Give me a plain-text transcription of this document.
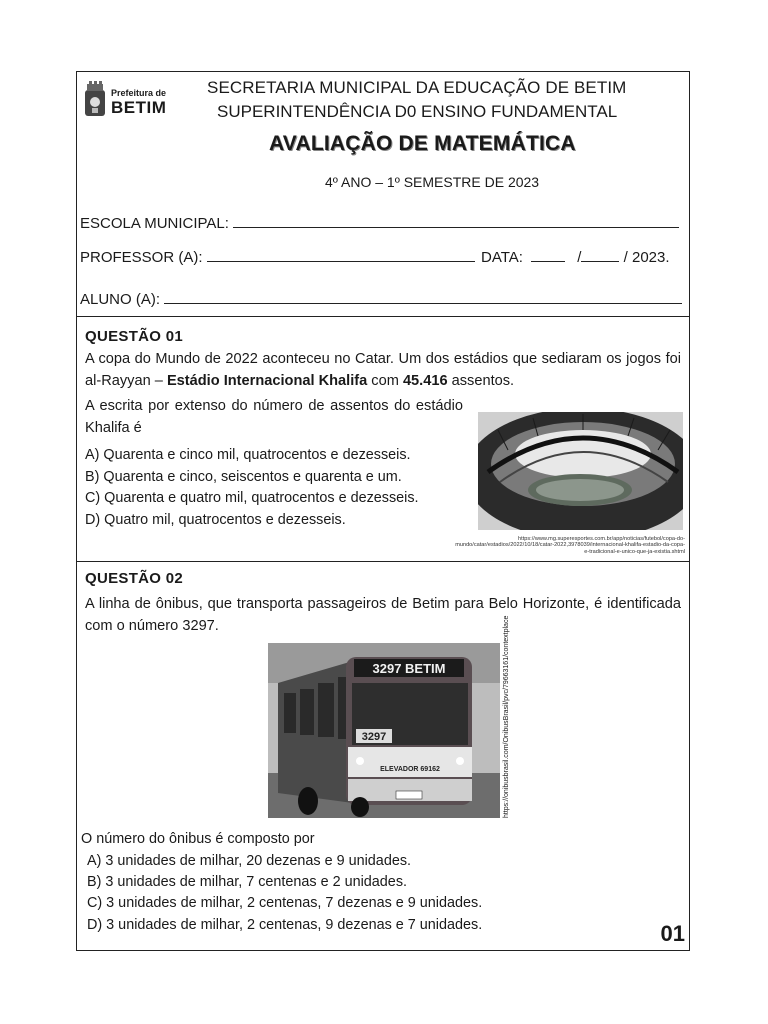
Prefeitura de
BETIM
SECRETARIA MUNICIPAL DA EDUCAÇÃO DE BETIM
SUPERINTENDÊNCIA D0 ENSINO FUNDAMENTAL
AVALIAÇÃO DE MATEMÁTICA
4º ANO – 1º SEMESTRE DE 2023
ESCOLA MUNICIPAL:
PROFESSOR (A):	DATA:	/	/ 2023.
ALUNO (A):
QUESTÃO 01
A copa do Mundo de 2022 aconteceu no Catar. Um dos estádios que sediaram os jogos foi al-Rayyan – Estádio Internacional Khalifa com 45.416 assentos.
A escrita por extenso do número de assentos do estádio Khalifa é
A) Quarenta e cinco mil, quatrocentos e dezesseis.
B) Quarenta e cinco, seiscentos e quarenta e um.
C) Quarenta e quatro mil, quatrocentos e dezesseis.
D) Quatro mil, quatrocentos e dezesseis.
https://www.mg.superesportes.com.br/app/noticias/futebol/copa-do-
mundo/catar/estadios/2022/10/18/catar-2022,3978039/internacional-khalifa-estadio-da-copa-
e-tradicional-e-unico-que-ja-existia.shtml
QUESTÃO 02
A linha de ônibus, que transporta passageiros de Betim para Belo Horizonte, é identificada com o número 3297.
3297 BETIM
3297
ELEVADOR 69162	https://onibusbrasil.com/OnibusBrasil/pvc/79663161/contextplace
O número do ônibus é composto por
A) 3 unidades de milhar, 20 dezenas e 9 unidades.
B) 3 unidades de milhar, 7 centenas e 2 unidades.
C) 3 unidades de milhar, 2 centenas, 7 dezenas e 9 unidades.
D) 3 unidades de milhar, 2 centenas, 9 dezenas e 7 unidades.	01
